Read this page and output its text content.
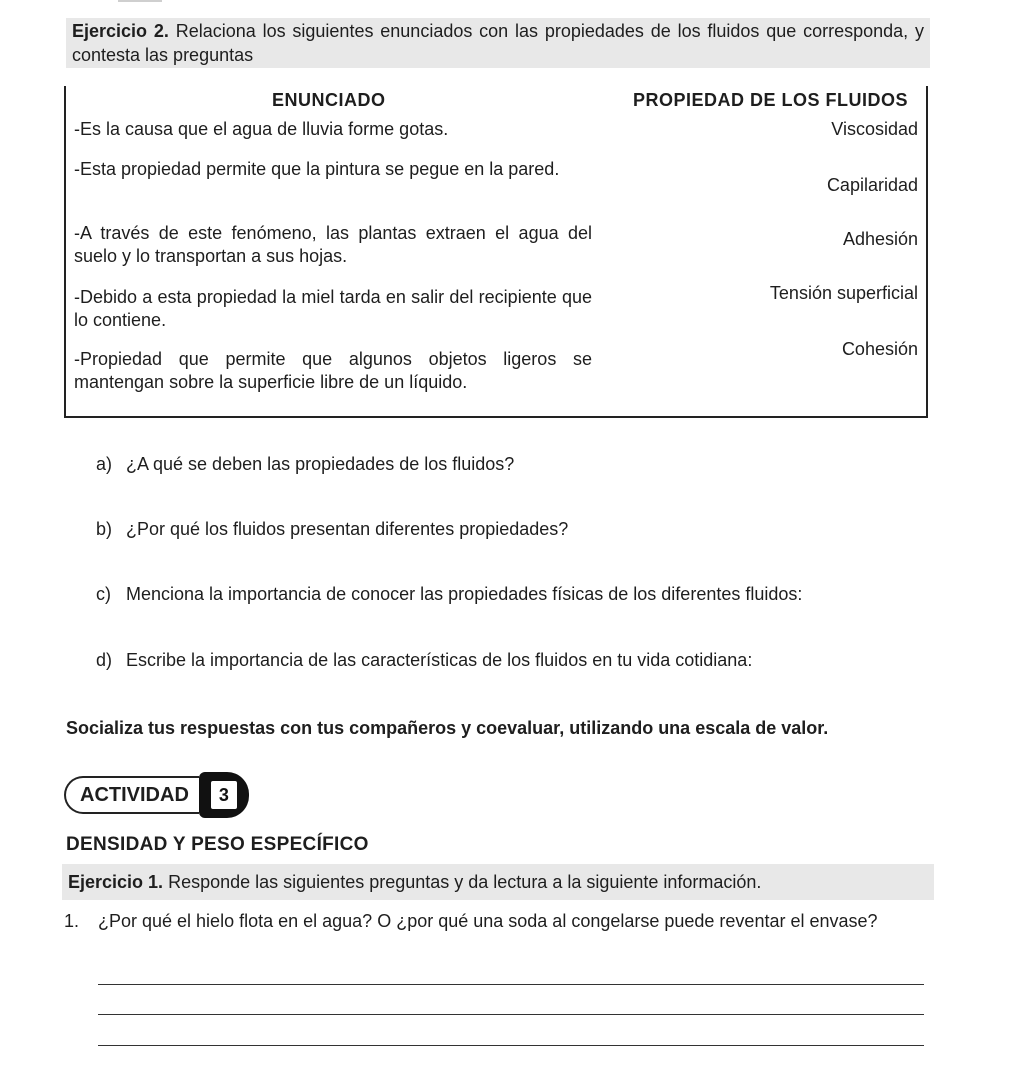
Ejercicio 2. Relaciona los siguientes enunciados con las propiedades de los fluidos que corresponda, y contesta las preguntas
ENUNCIADO	PROPIEDAD DE LOS FLUIDOS
-Es la causa que el agua de lluvia forme gotas.
-Esta propiedad permite que la pintura se pegue en la pared.
-A través de este fenómeno, las plantas extraen el agua del suelo y lo transportan a sus hojas.
-Debido a esta propiedad la miel tarda en salir del recipiente que lo contiene.
-Propiedad que permite que algunos objetos ligeros se mantengan sobre la superficie libre de un líquido.
Viscosidad
Capilaridad
Adhesión
Tensión superficial
Cohesión
a) ¿A qué se deben las propiedades de los fluidos?
b) ¿Por qué los fluidos presentan diferentes propiedades?
c) Menciona la importancia de conocer las propiedades físicas de los diferentes fluidos:
d) Escribe la importancia de las características de los fluidos en tu vida cotidiana:
Socializa tus respuestas con tus compañeros y coevaluar, utilizando una escala de valor.
ACTIVIDAD	3
DENSIDAD Y PESO ESPECÍFICO
Ejercicio 1. Responde las siguientes preguntas y da lectura a la siguiente información.
1. ¿Por qué el hielo flota en el agua? O ¿por qué una soda al congelarse puede reventar el envase?
